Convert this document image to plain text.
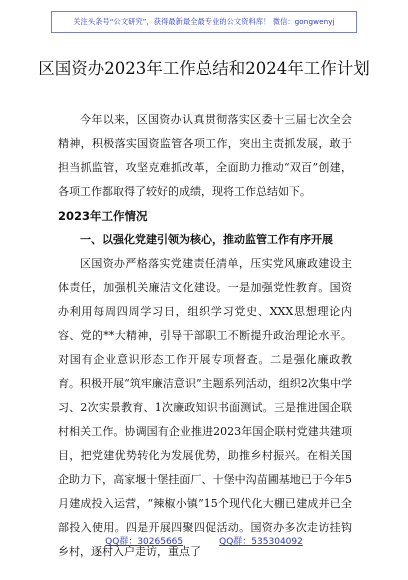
关注头条号“公文研究”，获得最新最全最专业的公文资料库！ 微信：gongwenyj
区国资办2023年工作总结和2024年工作计划

今年以来，区国资办认真贯彻落实区委十三届七次全会精神，积极落实国资监管各项工作，突出主责抓发展，敢于担当抓监管，攻坚克难抓改革，全面助力推动“双百”创建，各项工作都取得了较好的成绩，现将工作总结如下。

2023年工作情况
一、以强化党建引领为核心，推动监管工作有序开展

区国资办严格落实党建责任清单，压实党风廉政建设主体责任，加强机关廉洁文化建设。一是加强党性教育。国资办利用每周四周学习日，组织学习党史、XXX思想理论内容、党的**大精神，引导干部职工不断提升政治理论水平。对国有企业意识形态工作开展专项督查。二是强化廉政教育。积极开展“筑牢廉洁意识”主题系列活动，组织2次集中学习、2次实景教育、1次廉政知识书面测试。三是推进国企联村相关工作。协调国有企业推进2023年国企联村党建共建项目，把党建优势转化为发展优势，助推乡村振兴。在相关国企助力下，高家堰十堡挂面厂、十堡中沟苗圃基地已于今年5月建成投入运营，“辣椒小镇”15个现代化大棚已建成并已全部投入使用。四是开展四聚四促活动。国资办多次走访挂钩乡村，逐村入户走访，重点了

QQ群：30265665	QQ群：535304092
